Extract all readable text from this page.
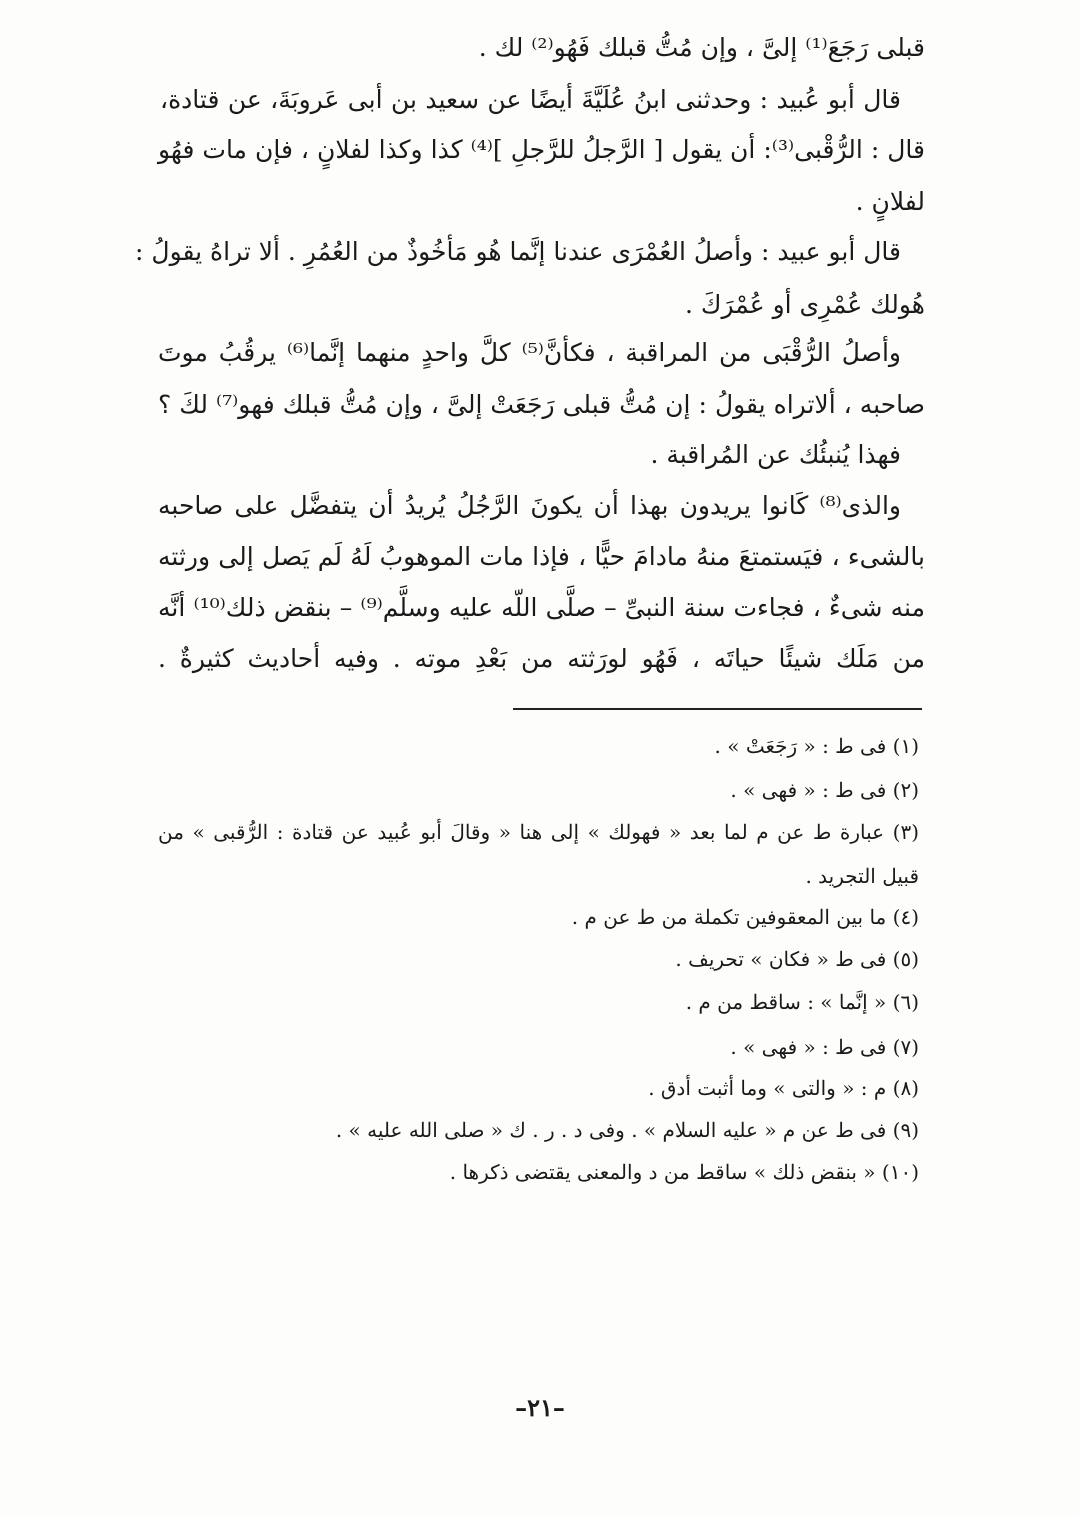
قبلى رَجَعَ⁽¹⁾ إلىَّ ، وإن مُتُّ قبلك فَهُو⁽²⁾ لك .
قال أبو عُبيد : وحدثنى ابنُ عُلَيَّةَ أيضًا عن سعيد بن أبى عَروبَةَ، عن قتادة،
قال : الرُّقْبى⁽³⁾: أن يقول [ الرَّجلُ للرَّجلِ ]⁽⁴⁾ كذا وكذا لفلانٍ ، فإن مات فهُو
لفلانٍ .
قال أبو عبيد : وأصلُ العُمْرَى عندنا إنَّما هُو مَأخُوذٌ من العُمُرِ . ألا تراهُ يقولُ :
هُولك عُمْرِى أو عُمْرَكَ .
وأصلُ الرُّقْبَى من المراقبة ، فكأنَّ⁽⁵⁾ كلَّ واحدٍ منهما إنَّما⁽⁶⁾ يرقُبُ موتَ
صاحبه ، ألاتراه يقولُ : إن مُتُّ قبلى رَجَعَتْ إلىَّ ، وإن مُتُّ قبلك فهو⁽⁷⁾ لكَ ؟
فهذا يُنبئُك عن المُراقبة .
والذى⁽⁸⁾ كَانوا يريدون بهذا أن يكونَ الرَّجُلُ يُريدُ أن يتفضَّل على صاحبه
بالشىء ، فيَستمتعَ منهُ مادامَ حيًّا ، فإذا مات الموهوبُ لَهُ لَم يَصل إلى ورثته
منه شىءٌ ، فجاءت سنة النبىِّ – صلَّى اللّه عليه وسلَّم⁽⁹⁾ – بنقض ذلك⁽¹⁰⁾ أنَّه
من مَلَك شيئًا حياتَه ، فَهُو لورَثته من بَعْدِ موته . وفيه أحاديث كثيرةٌ .
(١) فى ط : « رَجَعَتْ » .
(٢) فى ط : « فهى » .
(٣) عبارة ط عن م لما بعد « فهولك » إلى هنا « وقالَ أبو عُبيد عن قتادة : الرُّقبى » من
قبيل التجريد .
(٤) ما بين المعقوفين تكملة من ط عن م .
(٥) فى ط « فكان » تحريف .
(٦) « إنَّما » : ساقط من م .
(٧) فى ط : « فهى » .
(٨) م : « والتى » وما أثبت أدق .
(٩) فى ط عن م « عليه السلام » . وفى د . ر . ك « صلى الله عليه » .
(١٠) « بنقض ذلك » ساقط من د والمعنى يقتضى ذكرها .
–٢١–
